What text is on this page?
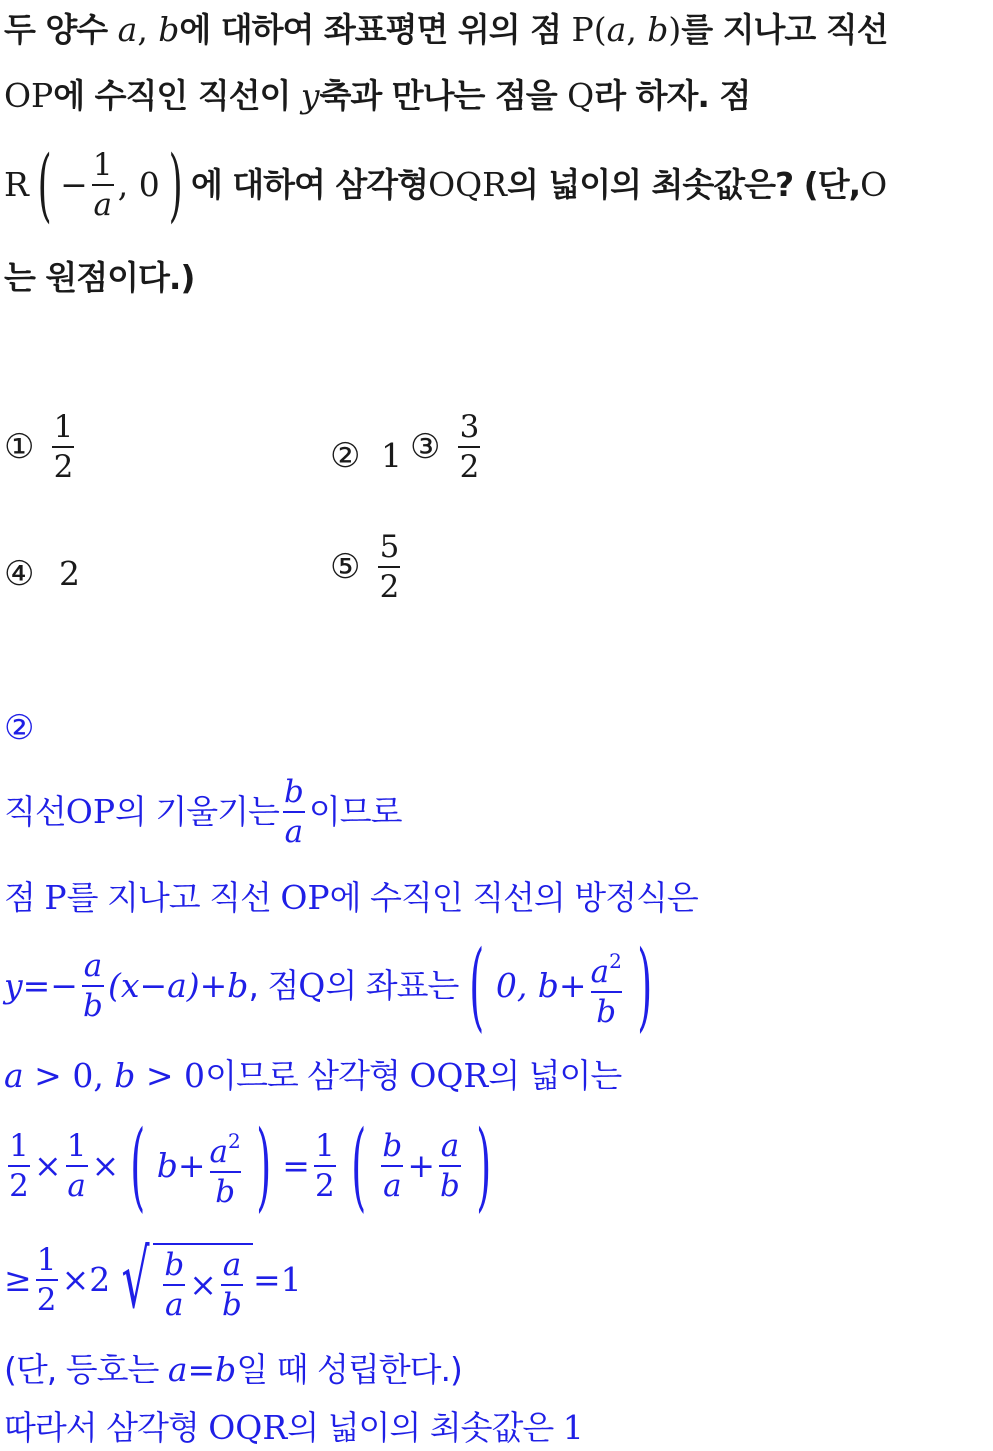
두 양수 a, b에 대하여 좌표평면 위의 점 P(a, b)를 지나고 직선
OP에 수직인 직선이 y축과 만나는 점을 Q라 하자. 점
R ( − $\frac{1}{a}$ , 0 ) 에 대하여 삼각형 OQR 의 넓이의 최솟값은? (단, O
는 원점이다.)
① $\frac{1}{2}$	② 1 ③ $\frac{3}{2}$
④ 2	⑤ $\frac{5}{2}$
②
직선 OP 의 기울기는 $\frac{b}{a}$ 이므로
점 P를 지나고 직선 OP에 수직인 직선의 방정식은
$y =- \frac{a}{b} (x-a)+b$ , 점 Q 의 좌표는 ( 0, $b+ \frac{a^2}{b}$ )
a > 0, b > 0이므로 삼각형 OQR의 넓이는
$\frac{1}{2} \times \frac{1}{a}$ × ( $b+ \frac{a^2}{b}$ ) = $\frac{1}{2}$ ( $\frac{b}{a} + \frac{a}{b}$ )
≥ $\frac{1}{2} \times 2$ √ $\frac{b}{a} \times \frac{a}{b} =1$
(단, 등호는 a=b일 때 성립한다.)
따라서 삼각형 OQR의 넓이의 최솟값은 1
